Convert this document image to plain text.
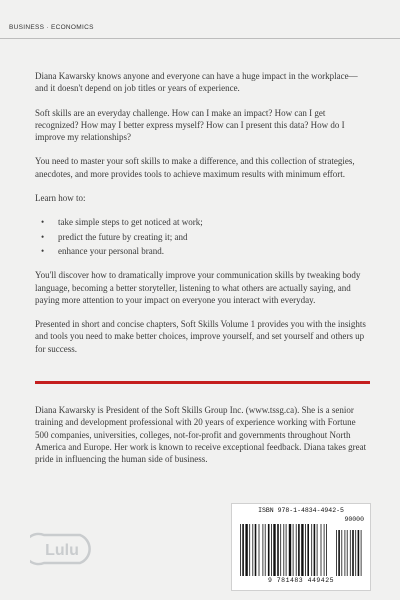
BUSINESS · ECONOMICS

Diana Kawarsky knows anyone and everyone can have a huge impact in the workplace—and it doesn't depend on job titles or years of experience.

Soft skills are an everyday challenge. How can I make an impact? How can I get recognized? How may I better express myself? How can I present this data? How do I improve my relationships?

You need to master your soft skills to make a difference, and this collection of strategies, anecdotes, and more provides tools to achieve maximum results with minimum effort.

Learn how to:

• take simple steps to get noticed at work;
• predict the future by creating it; and
• enhance your personal brand.

You'll discover how to dramatically improve your communication skills by tweaking body language, becoming a better storyteller, listening to what others are actually saying, and paying more attention to your impact on everyone you interact with everyday.

Presented in short and concise chapters, Soft Skills Volume 1 provides you with the insights and tools you need to make better choices, improve yourself, and set yourself and others up for success.

Diana Kawarsky is President of the Soft Skills Group Inc. (www.tssg.ca). She is a senior training and development professional with 20 years of experience working with Fortune 500 companies, universities, colleges, not-for-profit and governments throughout North America and Europe. Her work is known to receive exceptional feedback. Diana takes great pride in influencing the human side of business.

Lulu
ISBN 978-1-4834-4942-5
90000
9 781483 449425
